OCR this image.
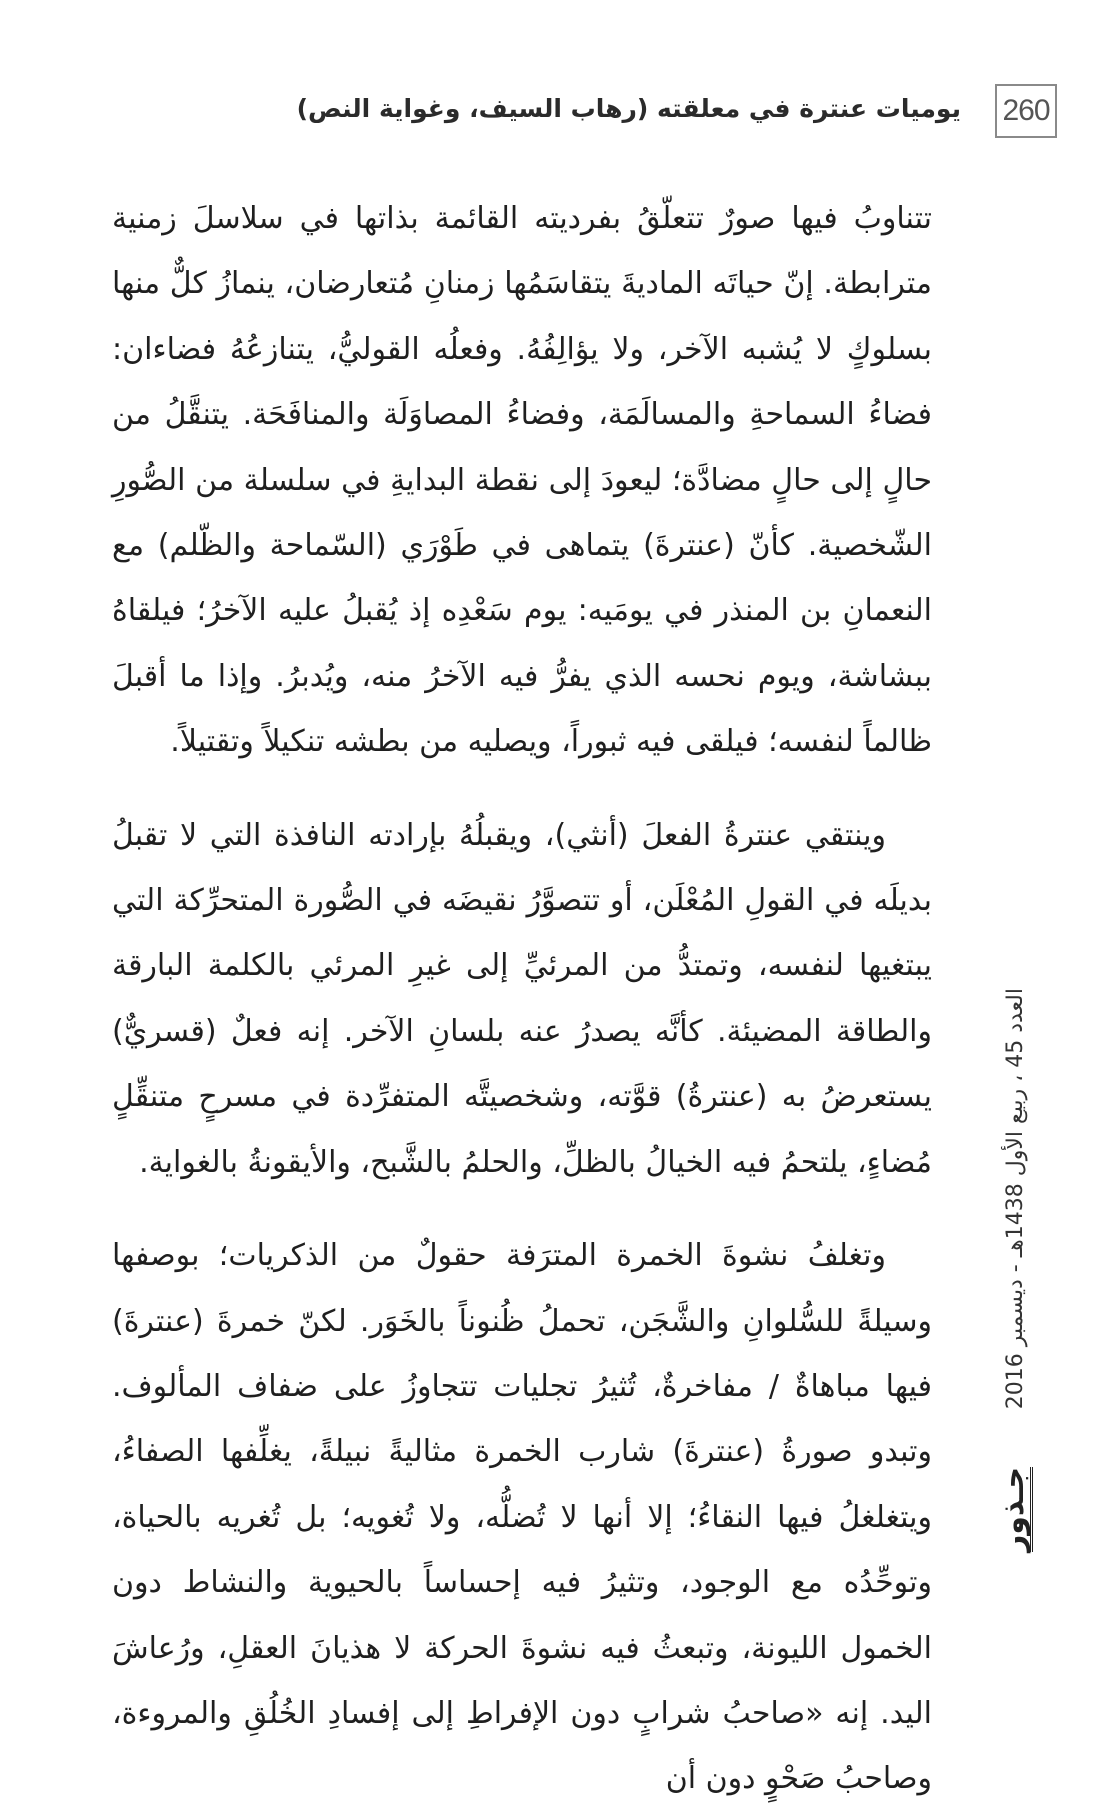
260
يوميات عنترة في معلقته (رهاب السيف، وغواية النص)

تتناوبُ فيها صورٌ تتعلّقُ بفرديته القائمة بذاتها في سلاسلَ زمنية مترابطة. إنّ حياتَه الماديةَ يتقاسَمُها زمنانِ مُتعارضان، ينمازُ كلٌّ منها بسلوكٍ لا يُشبه الآخر، ولا يؤالِفُهُ. وفعلُه القوليُّ، يتنازعُهُ فضاءان: فضاءُ السماحةِ والمسالَمَة، وفضاءُ المصاوَلَة والمنافَحَة. يتنقَّلُ من حالٍ إلى حالٍ مضادَّة؛ ليعودَ إلى نقطة البدايةِ في سلسلة من الصُّورِ الشّخصية. كأنّ (عنترةَ) يتماهى في طَوْرَي (السّماحة والظّلم) مع النعمانِ بن المنذر في يومَيه: يوم سَعْدِه إذ يُقبلُ عليه الآخرُ؛ فيلقاهُ ببشاشة، ويوم نحسه الذي يفرُّ فيه الآخرُ منه، ويُدبرُ. وإذا ما أقبلَ ظالماً لنفسه؛ فيلقى فيه ثبوراً، ويصليه من بطشه تنكيلاً وتقتيلاً.

وينتقي عنترةُ الفعلَ (أنثي)، ويقبلُهُ بإرادته النافذة التي لا تقبلُ بديلَه في القولِ المُعْلَن، أو تتصوَّرُ نقيضَه في الصُّورة المتحرِّكة التي يبتغيها لنفسه، وتمتدُّ من المرئيِّ إلى غيرِ المرئي بالكلمة البارقة والطاقة المضيئة. كأنَّه يصدرُ عنه بلسانِ الآخر. إنه فعلٌ (قسريٌّ) يستعرضُ به (عنترةُ) قوَّته، وشخصيتَّه المتفرِّدة في مسرحٍ متنقِّلٍ مُضاءٍ، يلتحمُ فيه الخيالُ بالظلِّ، والحلمُ بالشَّبح، والأيقونةُ بالغواية.

وتغلفُ نشوةَ الخمرة المترَفة حقولٌ من الذكريات؛ بوصفها وسيلةً للسُّلوانِ والشَّجَن، تحملُ ظُنوناً بالخَوَر. لكنّ خمرةَ (عنترةَ) فيها مباهاةٌ / مفاخرةٌ، تُثيرُ تجليات تتجاوزُ على ضفاف المألوف. وتبدو صورةُ (عنترةَ) شارب الخمرة مثاليةً نبيلةً، يغلِّفها الصفاءُ، ويتغلغلُ فيها النقاءُ؛ إلا أنها لا تُضلُّه، ولا تُغويه؛ بل تُغريه بالحياة، وتوحِّدُه مع الوجود، وتثيرُ فيه إحساساً بالحيوية والنشاط دون الخمول الليونة، وتبعثُ فيه نشوةَ الحركة لا هذيانَ العقلِ، ورُعاشَ اليد. إنه «صاحبُ شرابٍ دون الإفراطِ إلى إفسادِ الخُلُقِ والمروءة، وصاحبُ صَحْوٍ دون أن

العدد 45 ، ربيع الأول 1438هـ - ديسمبر 2016
جـذور
